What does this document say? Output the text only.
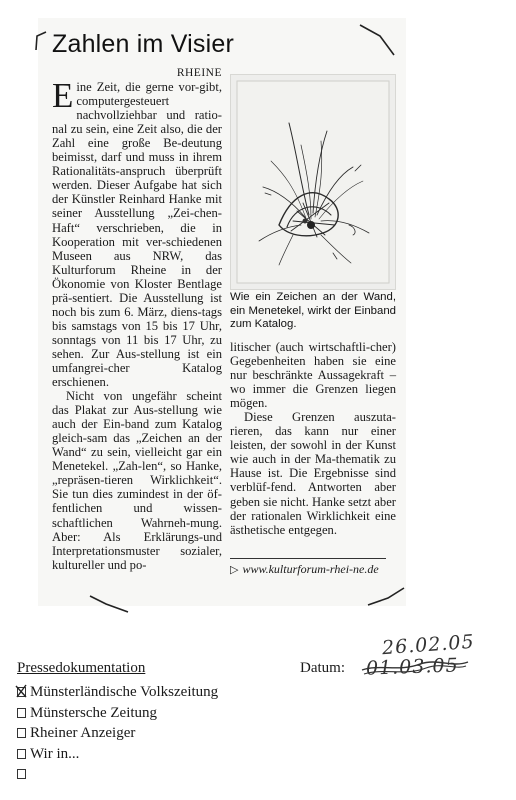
Zahlen im Visier
RHEINE

Eine Zeit, die gerne vor-gibt, computergesteuert nachvollziehbar und ratio-nal zu sein, eine Zeit also, die der Zahl eine große Be-deutung beimisst, darf und muss in ihrem Rationalitäts-anspruch überprüft werden. Dieser Aufgabe hat sich der Künstler Reinhard Hanke mit seiner Ausstellung „Zei-chen-Haft“ verschrieben, die in Kooperation mit ver-schiedenen Museen aus NRW, das Kulturforum Rheine in der Ökonomie von Kloster Bentlage prä-sentiert. Die Ausstellung ist noch bis zum 6. März, diens-tags bis samstags von 15 bis 17 Uhr, sonntags von 11 bis 17 Uhr, zu sehen. Zur Aus-stellung ist ein umfangrei-cher Katalog erschienen.

Nicht von ungefähr scheint das Plakat zur Aus-stellung wie auch der Ein-band zum Katalog gleich-sam das „Zeichen an der Wand“ zu sein, vielleicht gar ein Menetekel. „Zah-len“, so Hanke, „repräsen-tieren Wirklichkeit“. Sie tun dies zumindest in der öf-fentlichen und wissen-schaftlichen Wahrneh-mung. Aber: Als Erklärungs-und Interpretationsmuster sozialer, kultureller und po-

Wie ein Zeichen an der Wand, ein Menetekel, wirkt der Einband zum Katalog.

litischer (auch wirtschaftli-cher) Gegebenheiten haben sie eine nur beschränkte Aussagekraft – wo immer die Grenzen liegen mögen.

Diese Grenzen auszuta-rieren, das kann nur einer leisten, der sowohl in der Kunst wie auch in der Ma-thematik zu Hause ist. Die Ergebnisse sind verblüf-fend. Antworten aber geben sie nicht. Hanke setzt aber der rationalen Wirklichkeit eine ästhetische entgegen.

▷ www.kulturforum-rhei-ne.de
Pressedokumentation	Datum:
26.02.05
01.03.05
Münsterländische Volkszeitung
Münstersche Zeitung
Rheiner Anzeiger
Wir in...
